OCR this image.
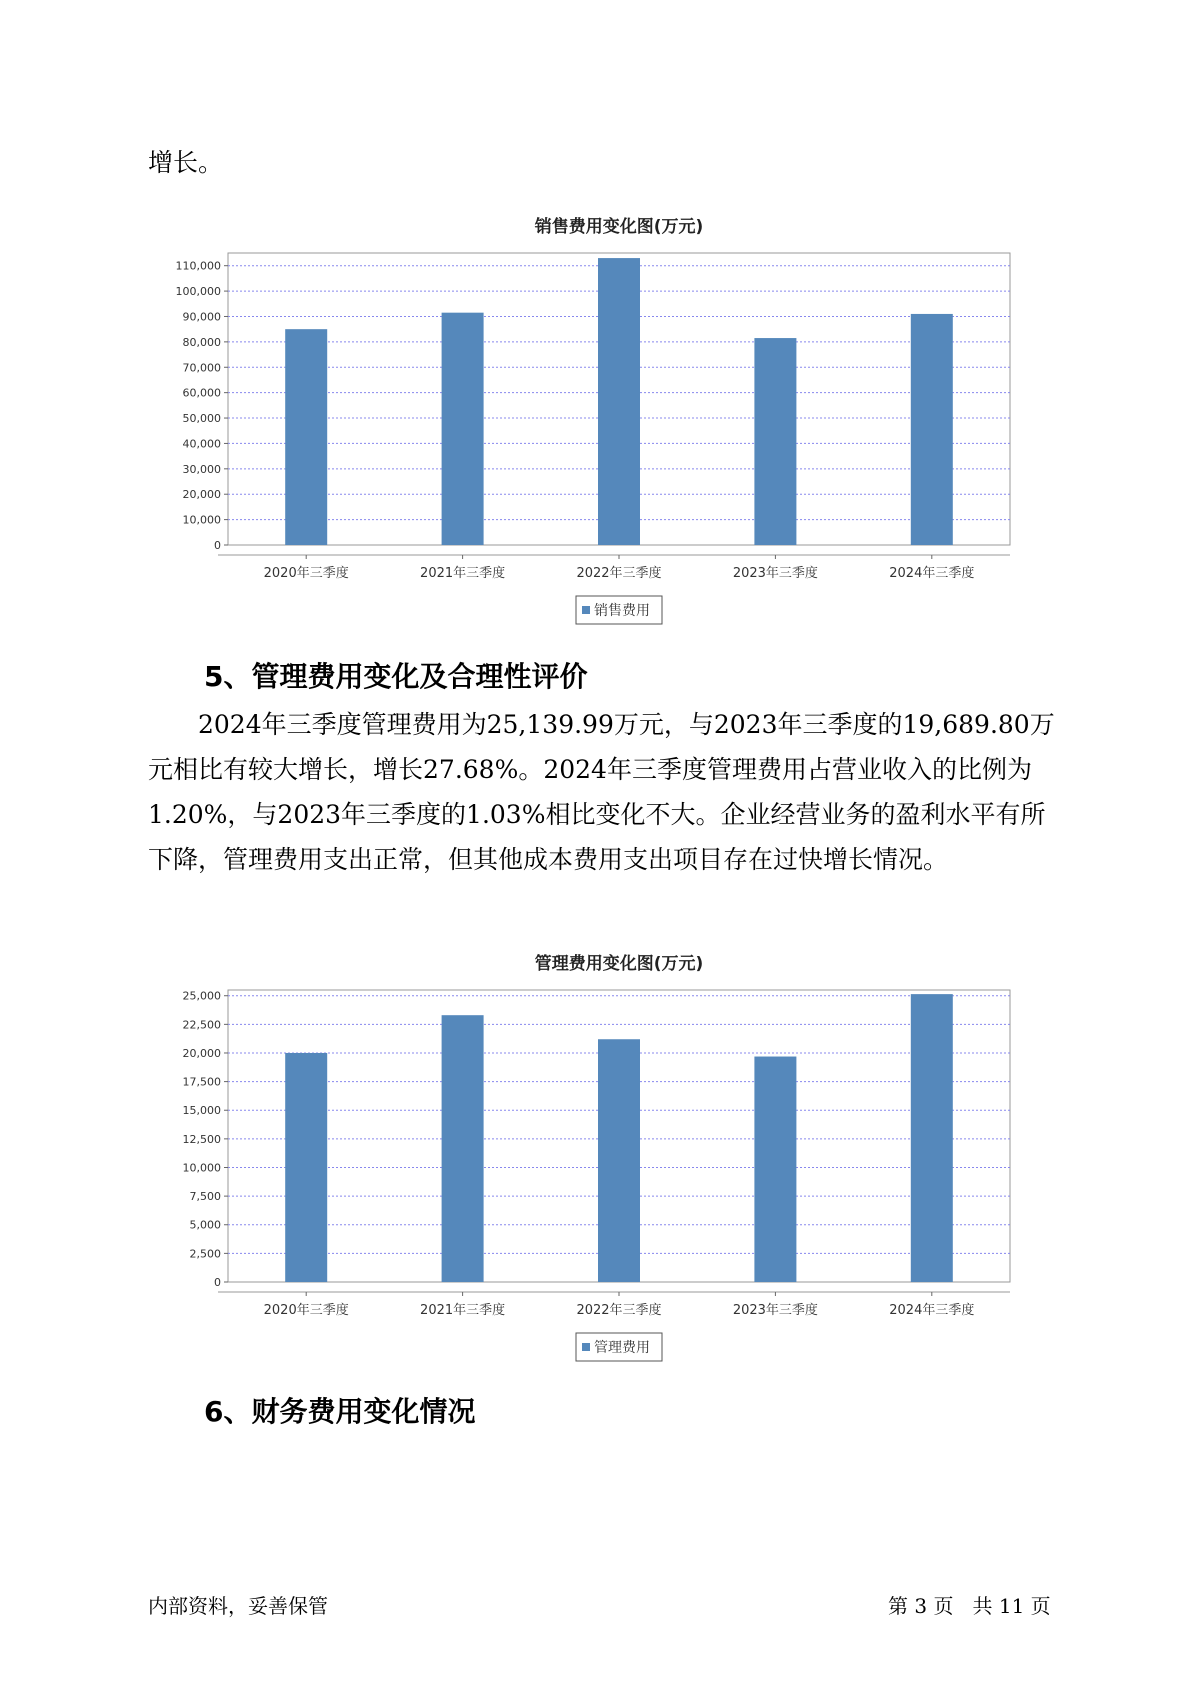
增长。

销售费用变化图(万元)
0
10,000
20,000
30,000
40,000
50,000
60,000
70,000
80,000
90,000
100,000
110,000
2020年三季度	2021年三季度	2022年三季度	2023年三季度	2024年三季度
销售费用
5、管理费用变化及合理性评价

2024年三季度管理费用为25,139.99万元，与2023年三季度的19,689.80万元相比有较大增长，增长27.68%。2024年三季度管理费用占营业收入的比例为1.20%，与2023年三季度的1.03%相比变化不大。企业经营业务的盈利水平有所下降，管理费用支出正常，但其他成本费用支出项目存在过快增长情况。

管理费用变化图(万元)
0
2,500
5,000
7,500
10,000
12,500
15,000
17,500
20,000
22,500
25,000
2020年三季度	2021年三季度	2022年三季度	2023年三季度	2024年三季度
管理费用
6、财务费用变化情况
内部资料，妥善保管	第 3 页   共 11 页
